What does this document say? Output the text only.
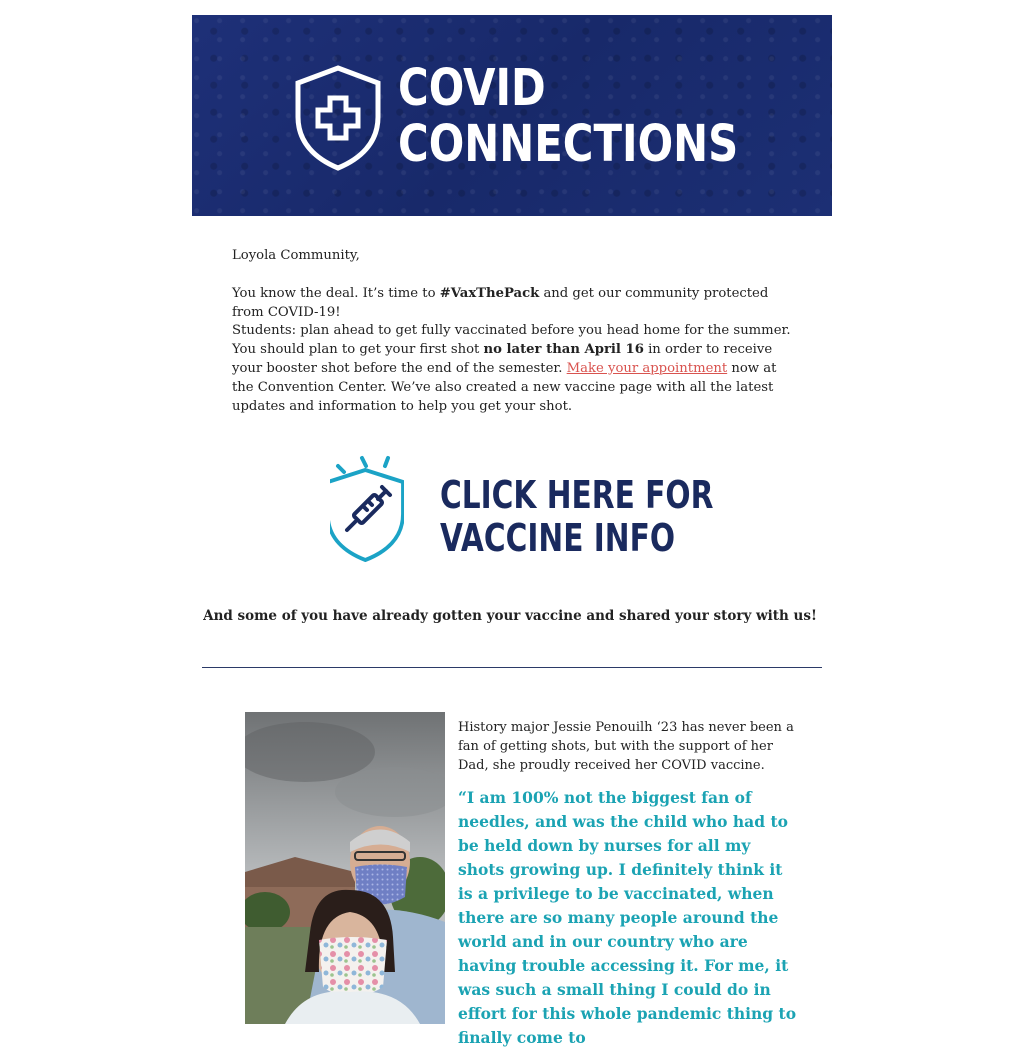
COVID
CONNECTIONS
Loyola Community,
You know the deal. It’s time to #VaxThePack and get our community protected from COVID-19!
Students: plan ahead to get fully vaccinated before you head home for the summer. You should plan to get your first shot no later than April 16 in order to receive your booster shot before the end of the semester. Make your appointment now at the Convention Center. We’ve also created a new vaccine page with all the latest updates and information to help you get your shot.
CLICK HERE FOR
VACCINE INFO
And some of you have already gotten your vaccine and shared your story with us!
History major Jessie Penouilh ‘23 has never been a fan of getting shots, but with the support of her Dad, she proudly received her COVID vaccine.
“I am 100% not the biggest fan of needles, and was the child who had to be held down by nurses for all my shots growing up. I definitely think it is a privilege to be vaccinated, when there are so many people around the world and in our country who are having trouble accessing it. For me, it was such a small thing I could do in effort for this whole pandemic thing to finally come to
